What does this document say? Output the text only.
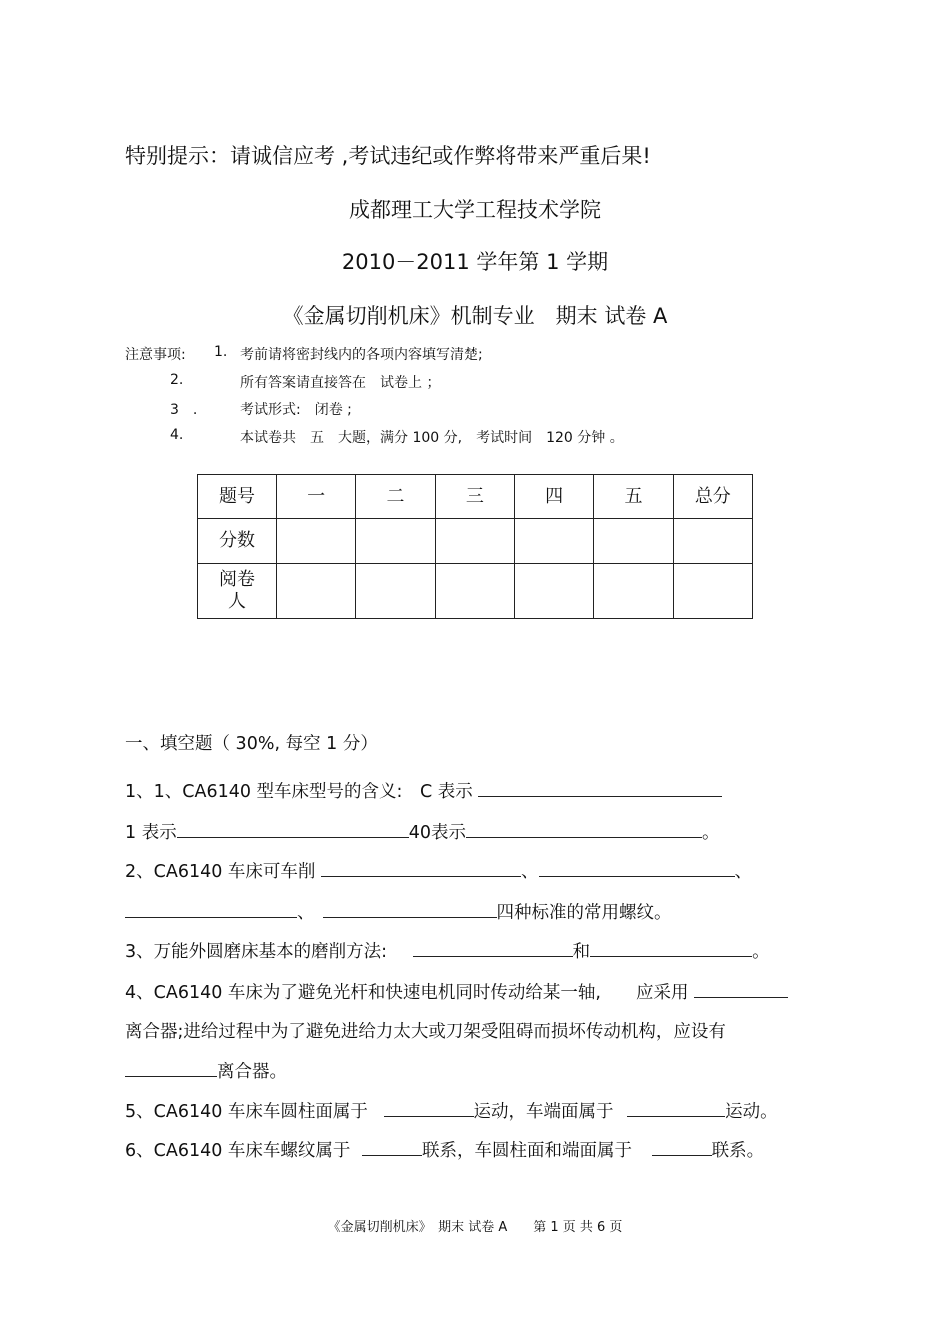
特别提示：请诚信应考 ,考试违纪或作弊将带来严重后果!
成都理工大学工程技术学院
2010－2011 学年第 1 学期
《金属切削机床》机制专业　期末 试卷 A
注意事项: 1. 考前请将密封线内的各项内容填写清楚;
2.	所有答案请直接答在　试卷上 ；
3　.	考试形式:　闭卷 ;
4.	本试卷共　五　大题，满分 100 分,　考试时间　120 分钟 。
题号	一	二	三	四	五	总分
分数						

阅卷人						

一、填空题（ 30%, 每空 1 分）
1、1、CA6140 型车床型号的含义:　C 表示
1 表示	40表示	。
2、CA6140 车床可车削	、	、
、	四种标准的常用螺纹。
3、万能外圆磨床基本的磨削方法:	和	。
4、CA6140 车床为了避免光杆和快速电机同时传动给某一轴,　　应采用
离合器;进给过程中为了避免进给力太大或刀架受阻碍而损坏传动机构，应设有
离合器。
5、CA6140 车床车圆柱面属于	运动，车端面属于	运动。
6、CA6140 车床车螺纹属于	联系，车圆柱面和端面属于	联系。
《金属切削机床》　期末 试卷 A　　第 1 页 共 6 页
